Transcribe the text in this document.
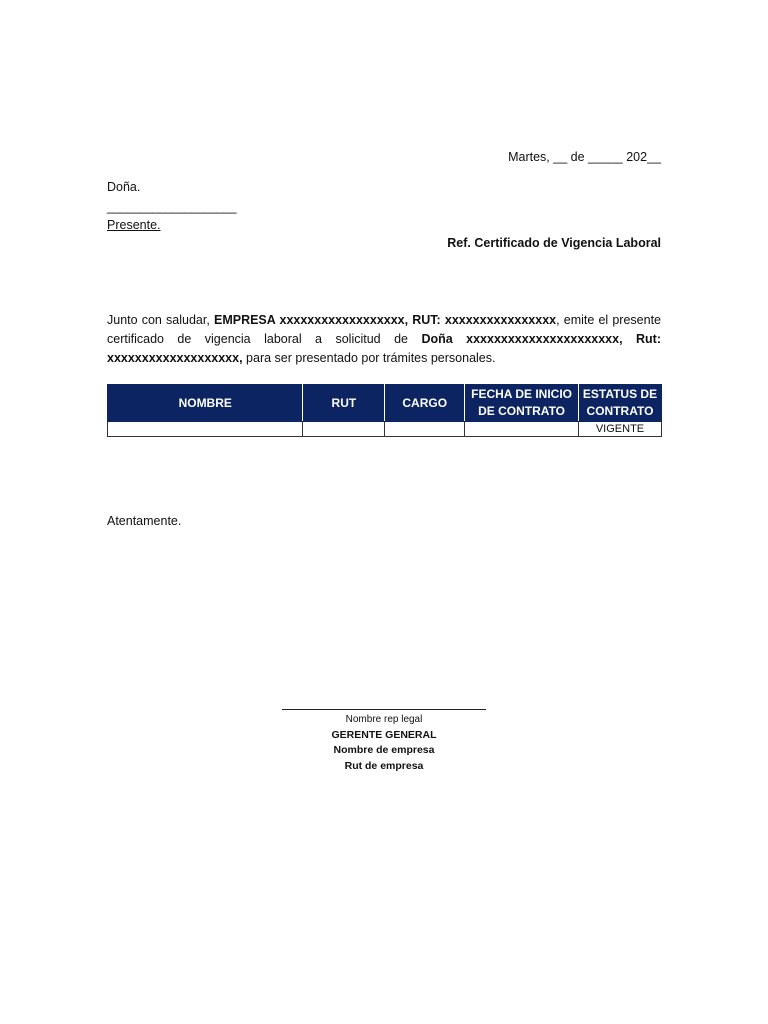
Martes, __ de _____ 202__
Doña.
____________________
Presente.
Ref. Certificado de Vigencia Laboral
Junto con saludar, EMPRESA xxxxxxxxxxxxxxxxxx, RUT: xxxxxxxxxxxxxxxx, emite el presente certificado de vigencia laboral a solicitud de Doña xxxxxxxxxxxxxxxxxxxxxx, Rut: xxxxxxxxxxxxxxxxxxx, para ser presentado por trámites personales.
NOMBRE	RUT	CARGO	FECHA DE INICIO DE CONTRATO	ESTATUS DE CONTRATO
				VIGENTE
Atentamente.
Nombre rep legal
GERENTE GENERAL
Nombre de empresa
Rut de empresa
